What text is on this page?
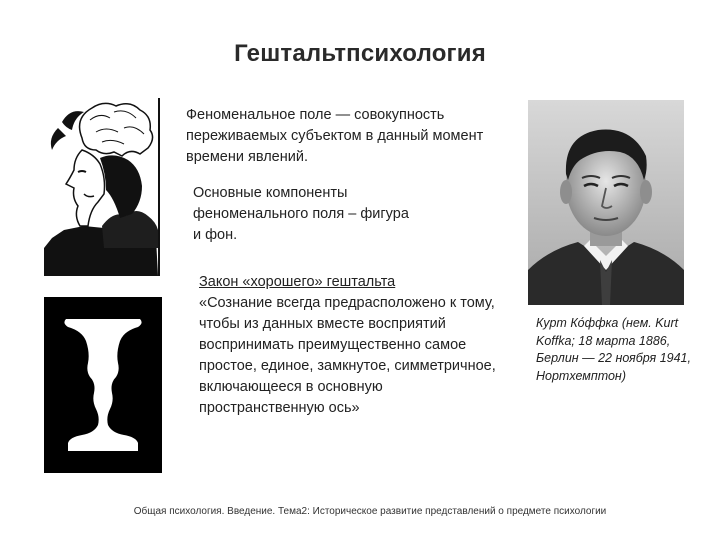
Гештальтпсихология
Феноменальное поле — совокупность переживаемых субъектом в данный момент времени явлений.
Основные компоненты феноменального поля – фигура и фон.
Закон «хорошего» гештальта
«Сознание всегда предрасположено к тому, чтобы из данных вместе восприятий воспринимать преимущественно самое простое, единое, замкнутое, симметричное, включающееся в основную пространственную ось»
Курт Ко́ффка (нем. Kurt Koffka; 18 марта 1886, Берлин — 22 ноября 1941, Нортхемптон)
Общая психология. Введение. Тема2: Историческое развитие представлений о предмете психологии
